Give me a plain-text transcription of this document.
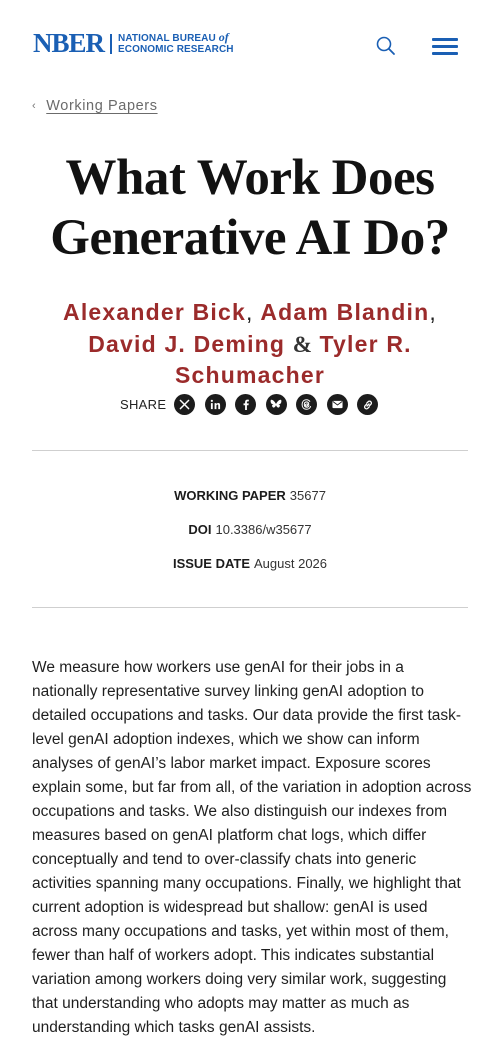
NBER NATIONAL BUREAU of
ECONOMIC RESEARCH
‹ Working Papers
What Work Does Generative AI Do?
Alexander Bick, Adam Blandin, David J. Deming & Tyler R. Schumacher
SHARE
WORKING PAPER 35677
DOI 10.3386/w35677
ISSUE DATE August 2026

We measure how workers use genAI for their jobs in a nationally representative survey linking genAI adoption to detailed occupations and tasks. Our data provide the first task-level genAI adoption indexes, which we show can inform analyses of genAI’s labor market impact. Exposure scores explain some, but far from all, of the variation in adoption across occupations and tasks. We also distinguish our indexes from measures based on genAI platform chat logs, which differ conceptually and tend to over-classify chats into generic activities spanning many occupations. Finally, we highlight that current adoption is widespread but shallow: genAI is used across many occupations and tasks, yet within most of them, fewer than half of workers adopt. This indicates substantial variation among workers doing very similar work, suggesting that understanding who adopts may matter as much as understanding which tasks genAI assists.
